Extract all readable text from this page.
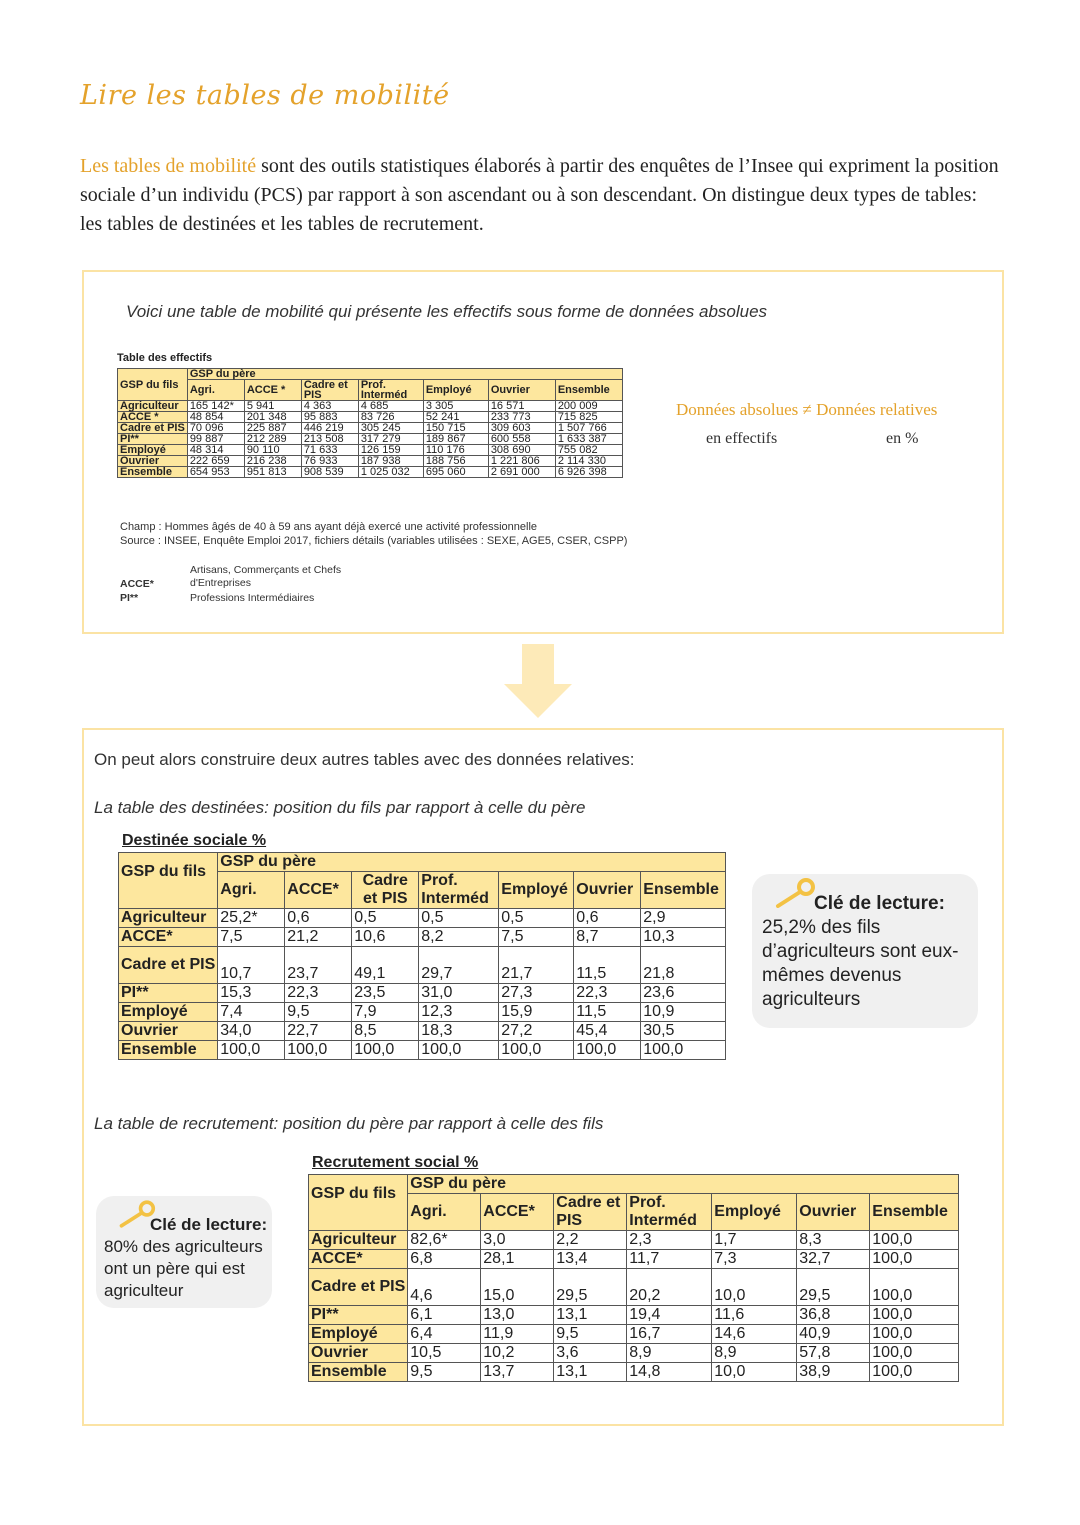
Lire les tables de mobilité
Les tables de mobilité sont des outils statistiques élaborés à partir des enquêtes de l’Insee qui expriment la position sociale d’un individu (PCS) par rapport à son ascendant ou à son descendant. On distingue deux types de tables: les tables de destinées et les tables de recrutement.
Voici une table de mobilité qui présente les effectifs sous forme de données absolues
Table des effectifs
GSP du fils	GSP du père						
	Agri.	ACCE *	Cadre et PIS	Prof. Interméd	Employé	Ouvrier	Ensemble
Agriculteur	165 142*	5 941	4 363	4 685	3 305	16 571	200 009
ACCE *	48 854	201 348	95 883	83 726	52 241	233 773	715 825
Cadre et PIS	70 096	225 887	446 219	305 245	150 715	309 603	1 507 766
PI**	99 887	212 289	213 508	317 279	189 867	600 558	1 633 387
Employé	48 314	90 110	71 633	126 159	110 176	308 690	755 082
Ouvrier	222 659	216 238	76 933	187 938	188 756	1 221 806	2 114 330
Ensemble	654 953	951 813	908 539	1 025 032	695 060	2 691 000	6 926 398
Champ : Hommes âgés de 40 à 59 ans ayant déjà exercé une activité professionnelle
Source : INSEE, Enquête Emploi 2017, fichiers détails (variables utilisées : SEXE, AGE5, CSER, CSPP)
ACCE*
Artisans, Commerçants et Chefs d'Entreprises
PI**	Professions Intermédiaires
Données absolues ≠ Données relatives
en effectifs	en %
On peut alors construire deux autres tables avec des données relatives:
La table des destinées: position du fils par rapport à celle du père
Destinée sociale %
GSP du fils	GSP du père						
	Agri.	ACCE*	Cadre et PIS	Prof. Interméd	Employé	Ouvrier	Ensemble
Agriculteur	25,2*	0,6	0,5	0,5	0,5	0,6	2,9
ACCE*	7,5	21,2	10,6	8,2	7,5	8,7	10,3
Cadre et PIS	10,7	23,7	49,1	29,7	21,7	11,5	21,8
PI**	15,3	22,3	23,5	31,0	27,3	22,3	23,6
Employé	7,4	9,5	7,9	12,3	15,9	11,5	10,9
Ouvrier	34,0	22,7	8,5	18,3	27,2	45,4	30,5
Ensemble	100,0	100,0	100,0	100,0	100,0	100,0	100,0
Clé de lecture:
25,2% des fils d’agriculteurs sont eux-mêmes devenus agriculteurs
La table de recrutement: position du père par rapport à celle des fils
Recrutement social %
GSP du fils	GSP du père						
	Agri.	ACCE*	Cadre et PIS	Prof. Interméd	Employé	Ouvrier	Ensemble
Agriculteur	82,6*	3,0	2,2	2,3	1,7	8,3	100,0
ACCE*	6,8	28,1	13,4	11,7	7,3	32,7	100,0
Cadre et PIS	4,6	15,0	29,5	20,2	10,0	29,5	100,0
PI**	6,1	13,0	13,1	19,4	11,6	36,8	100,0
Employé	6,4	11,9	9,5	16,7	14,6	40,9	100,0
Ouvrier	10,5	10,2	3,6	8,9	8,9	57,8	100,0
Ensemble	9,5	13,7	13,1	14,8	10,0	38,9	100,0
Clé de lecture:
80% des agriculteurs ont un père qui est agriculteur
